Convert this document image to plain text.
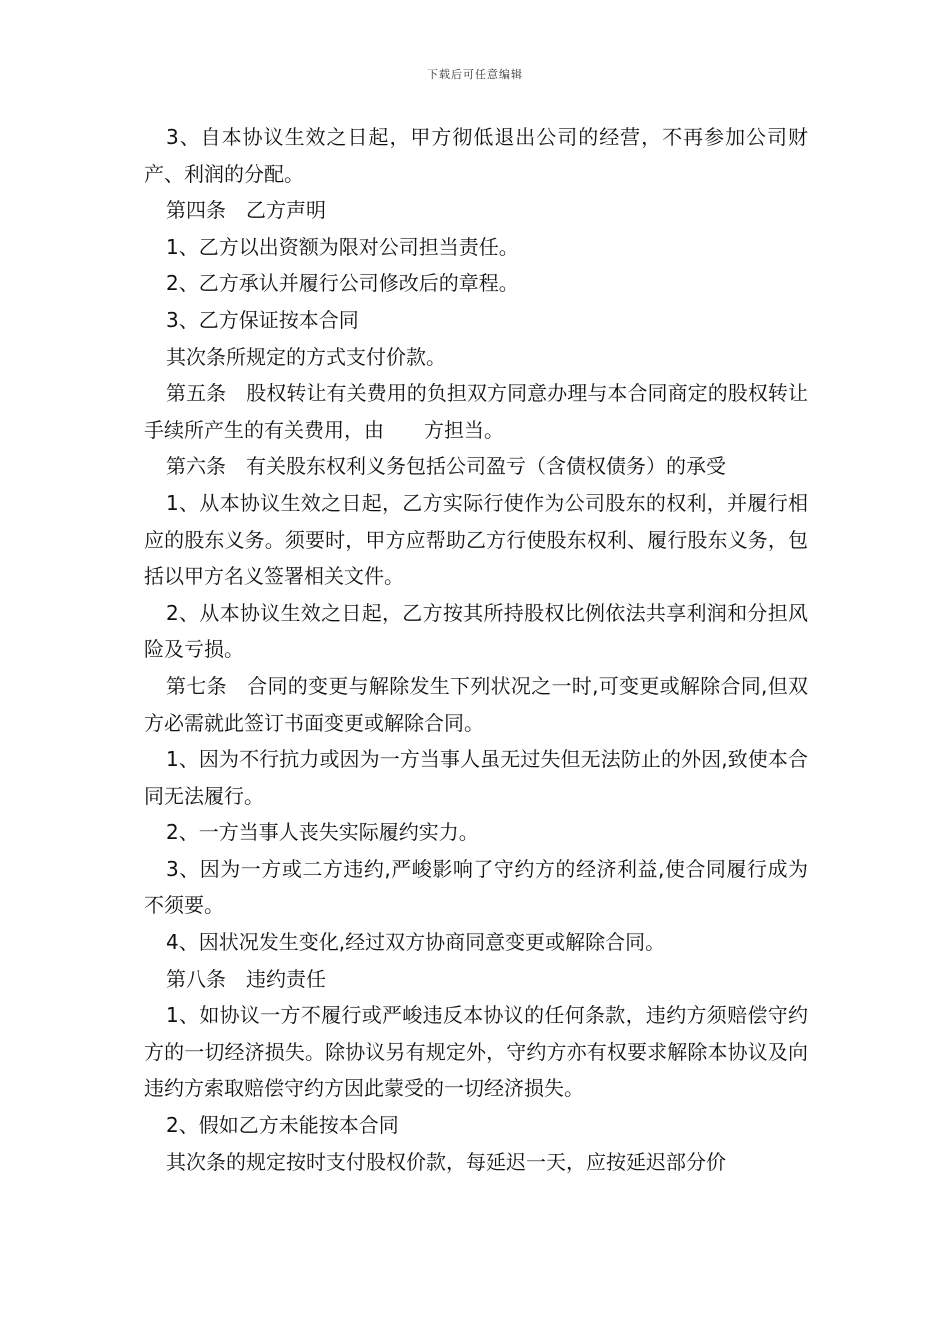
下载后可任意编辑

3、自本协议生效之日起，甲方彻低退出公司的经营，不再参加公司财产、利润的分配。

第四条　乙方声明

1、乙方以出资额为限对公司担当责任。

2、乙方承认并履行公司修改后的章程。

3、乙方保证按本合同

其次条所规定的方式支付价款。

第五条　股权转让有关费用的负担双方同意办理与本合同商定的股权转让手续所产生的有关费用，由　　方担当。

第六条　有关股东权利义务包括公司盈亏（含债权债务）的承受

1、从本协议生效之日起，乙方实际行使作为公司股东的权利，并履行相应的股东义务。须要时，甲方应帮助乙方行使股东权利、履行股东义务，包括以甲方名义签署相关文件。

2、从本协议生效之日起，乙方按其所持股权比例依法共享利润和分担风险及亏损。

第七条　合同的变更与解除发生下列状况之一时,可变更或解除合同,但双方必需就此签订书面变更或解除合同。

1、因为不行抗力或因为一方当事人虽无过失但无法防止的外因,致使本合同无法履行。

2、一方当事人丧失实际履约实力。

3、因为一方或二方违约,严峻影响了守约方的经济利益,使合同履行成为不须要。

4、因状况发生变化,经过双方协商同意变更或解除合同。

第八条　违约责任

1、如协议一方不履行或严峻违反本协议的任何条款，违约方须赔偿守约方的一切经济损失。除协议另有规定外，守约方亦有权要求解除本协议及向违约方索取赔偿守约方因此蒙受的一切经济损失。

2、假如乙方未能按本合同

其次条的规定按时支付股权价款，每延迟一天，应按延迟部分价
